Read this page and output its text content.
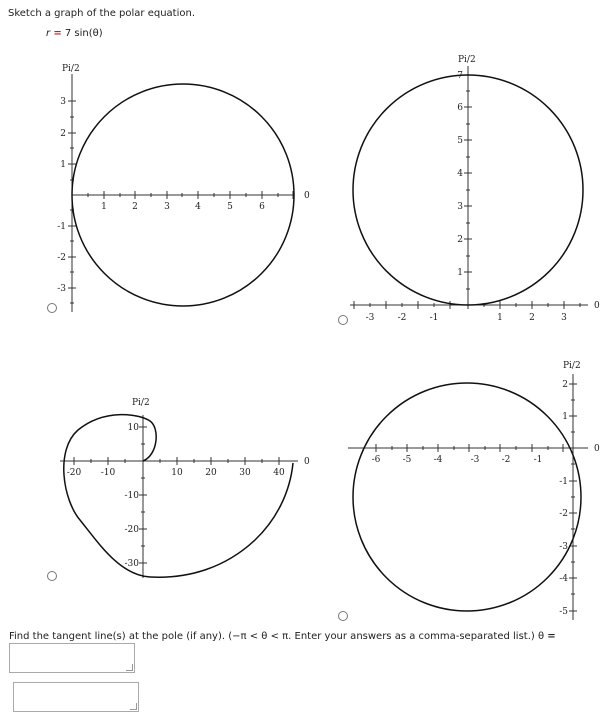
Sketch a graph of the polar equation.
r = 7 sin(θ)
Pi/2
0
1	2	3	4	5	6
3
2
1
-1
-2
-3
Pi/2
0
-3	-2	-1	1	2	3
7
6
5
4
3
2
1
Pi/2
0
-20 -10	10	20	30	40
10
-10
-20
-30
Pi/2
0
-6 -5 -4	-3 -2	-1
2
1
-1
-2
-3
-4
-5
Find the tangent line(s) at the pole (if any). (−π < θ < π. Enter your answers as a comma-separated list.) θ =
